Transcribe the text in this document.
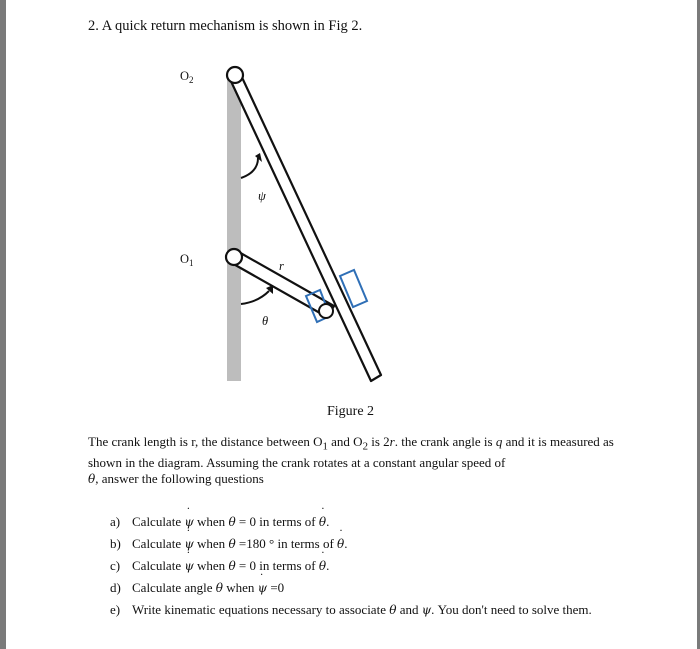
2. A quick return mechanism is shown in Fig 2.
$O_2$
$O_1$
ψ
r
θ
Figure 2
The crank length is r, the distance between $O_1$ and $O_2$ is 2r. the crank angle is q and it is measured as shown in the diagram. Assuming the crank rotates at a constant angular speed of
θ ˙, answer the following questions
a) Calculate ψ ˙ when θ = 0 in terms of θ ˙.
b) Calculate ψ ˙ when θ =180 ° in terms of θ ˙.
c) Calculate ψ ˙ when θ = 0 in terms of θ ˙.
d) Calculate angle θ when ψ ˙ =0
e) Write kinematic equations necessary to associate θ and ψ. You don't need to solve them.
